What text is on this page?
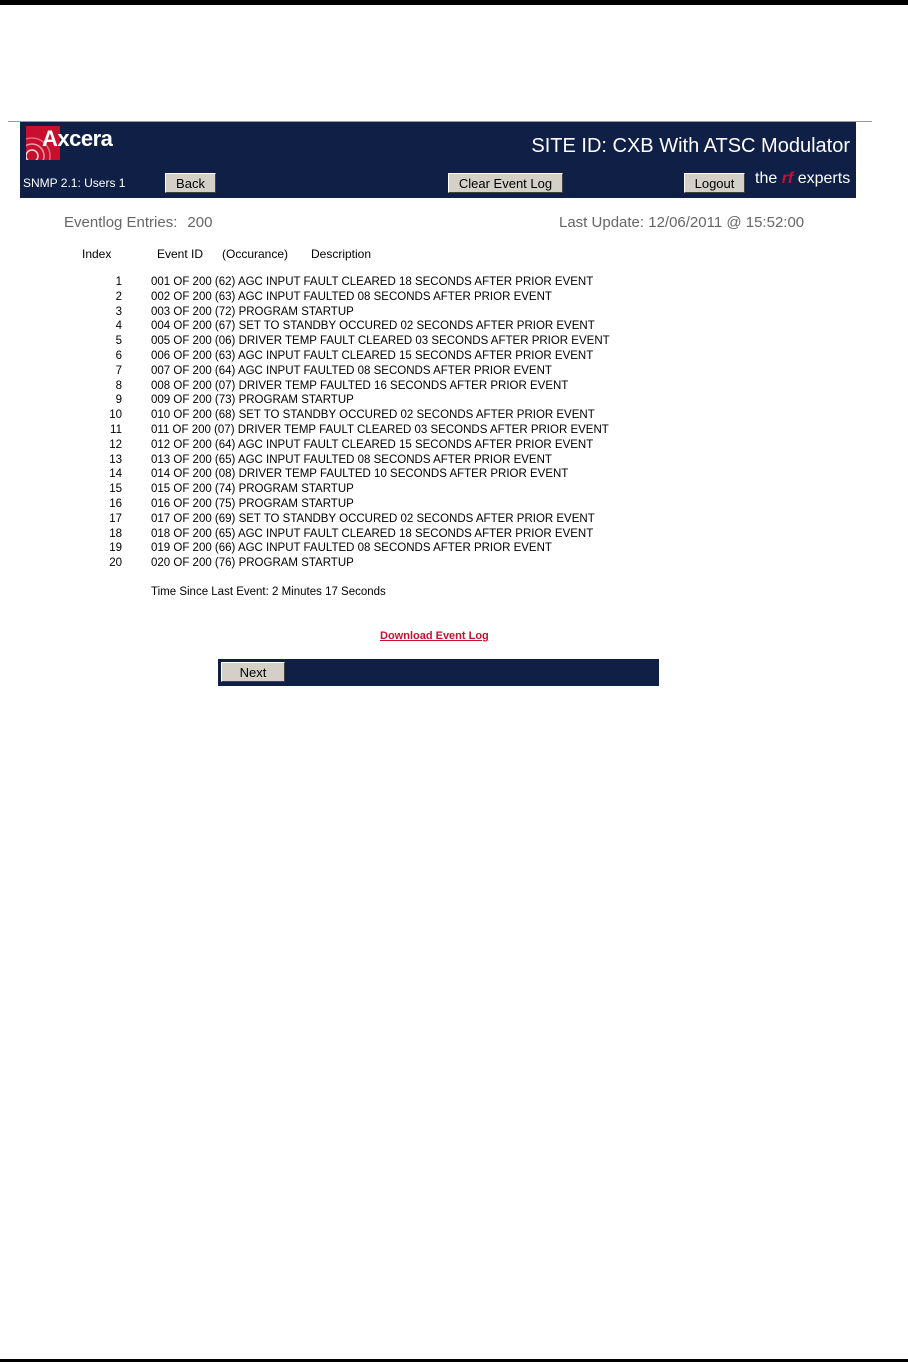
Axcera	SITE ID: CXB With ATSC Modulator
SNMP 2.1: Users 1	Back	Clear Event Log	Logout	the rf experts
Eventlog Entries: 200	Last Update: 12/06/2011 @ 15:52:00
Index	Event ID (Occurance) Description
1	001 OF 200 (62) AGC INPUT FAULT CLEARED 18 SECONDS AFTER PRIOR EVENT
2	002 OF 200 (63) AGC INPUT FAULTED 08 SECONDS AFTER PRIOR EVENT
3	003 OF 200 (72) PROGRAM STARTUP
4	004 OF 200 (67) SET TO STANDBY OCCURED 02 SECONDS AFTER PRIOR EVENT
5	005 OF 200 (06) DRIVER TEMP FAULT CLEARED 03 SECONDS AFTER PRIOR EVENT
6	006 OF 200 (63) AGC INPUT FAULT CLEARED 15 SECONDS AFTER PRIOR EVENT
7	007 OF 200 (64) AGC INPUT FAULTED 08 SECONDS AFTER PRIOR EVENT
8	008 OF 200 (07) DRIVER TEMP FAULTED 16 SECONDS AFTER PRIOR EVENT
9	009 OF 200 (73) PROGRAM STARTUP
10	010 OF 200 (68) SET TO STANDBY OCCURED 02 SECONDS AFTER PRIOR EVENT
11	011 OF 200 (07) DRIVER TEMP FAULT CLEARED 03 SECONDS AFTER PRIOR EVENT
12	012 OF 200 (64) AGC INPUT FAULT CLEARED 15 SECONDS AFTER PRIOR EVENT
13	013 OF 200 (65) AGC INPUT FAULTED 08 SECONDS AFTER PRIOR EVENT
14	014 OF 200 (08) DRIVER TEMP FAULTED 10 SECONDS AFTER PRIOR EVENT
15	015 OF 200 (74) PROGRAM STARTUP
16	016 OF 200 (75) PROGRAM STARTUP
17	017 OF 200 (69) SET TO STANDBY OCCURED 02 SECONDS AFTER PRIOR EVENT
18	018 OF 200 (65) AGC INPUT FAULT CLEARED 18 SECONDS AFTER PRIOR EVENT
19	019 OF 200 (66) AGC INPUT FAULTED 08 SECONDS AFTER PRIOR EVENT
20	020 OF 200 (76) PROGRAM STARTUP
Time Since Last Event: 2 Minutes 17 Seconds
Download Event Log
Next
